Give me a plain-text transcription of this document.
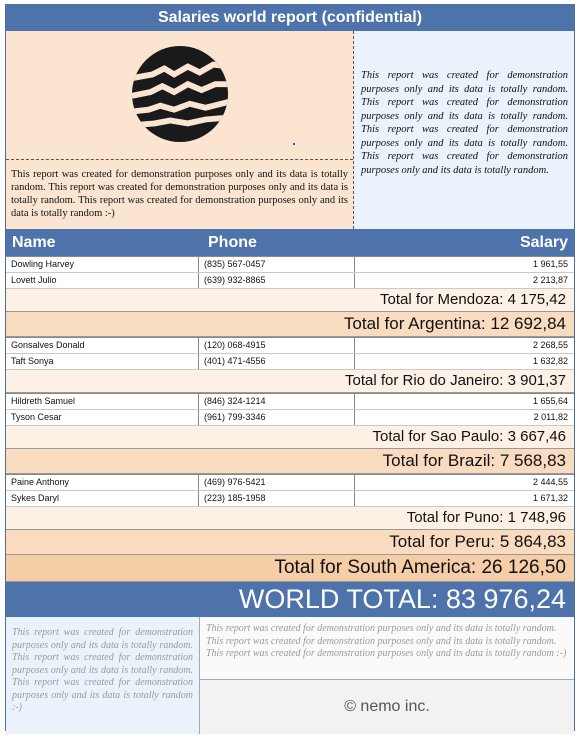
Salaries world report (confidential)
This report was created for demonstration purposes only and its data is totally random. This report was created for demonstration purposes only and its data is totally random. This report was created for demonstration purposes only and its data is totally random :-)
This report was created for demonstration purposes only and its data is totally random. This report was created for demonstration purposes only and its data is totally random. This report was created for demonstration purposes only and its data is totally random. This report was created for demonstration purposes only and its data is totally random.
Name	Phone	Salary
Dowling Harvey	(835) 567-0457	1 961,55
Lovett Julio	(639) 932-8865	2 213,87
Total for Mendoza: 4 175,42
Total for Argentina: 12 692,84
Gonsalves Donald	(120) 068-4915	2 268,55
Taft Sonya	(401) 471-4556	1 632,82
Total for Rio do Janeiro: 3 901,37
Hildreth Samuel	(846) 324-1214	1 655,64
Tyson Cesar	(961) 799-3346	2 011,82
Total for Sao Paulo: 3 667,46
Total for Brazil: 7 568,83
Paine Anthony	(469) 976-5421	2 444,55
Sykes Daryl	(223) 185-1958	1 671,32
Total for Puno: 1 748,96
Total for Peru: 5 864,83
Total for South America: 26 126,50
WORLD TOTAL: 83 976,24

This report was created for demonstration purposes only and its data is totally random. This report was created for demonstration purposes only and its data is totally random. This report was created for demonstration purposes only and its data is totally random :-)

This report was created for demonstration purposes only and its data is totally random. This report was created for demonstration purposes only and its data is totally random. This report was created for demonstration purposes only and its data is totally random :-)

© nemo inc.
